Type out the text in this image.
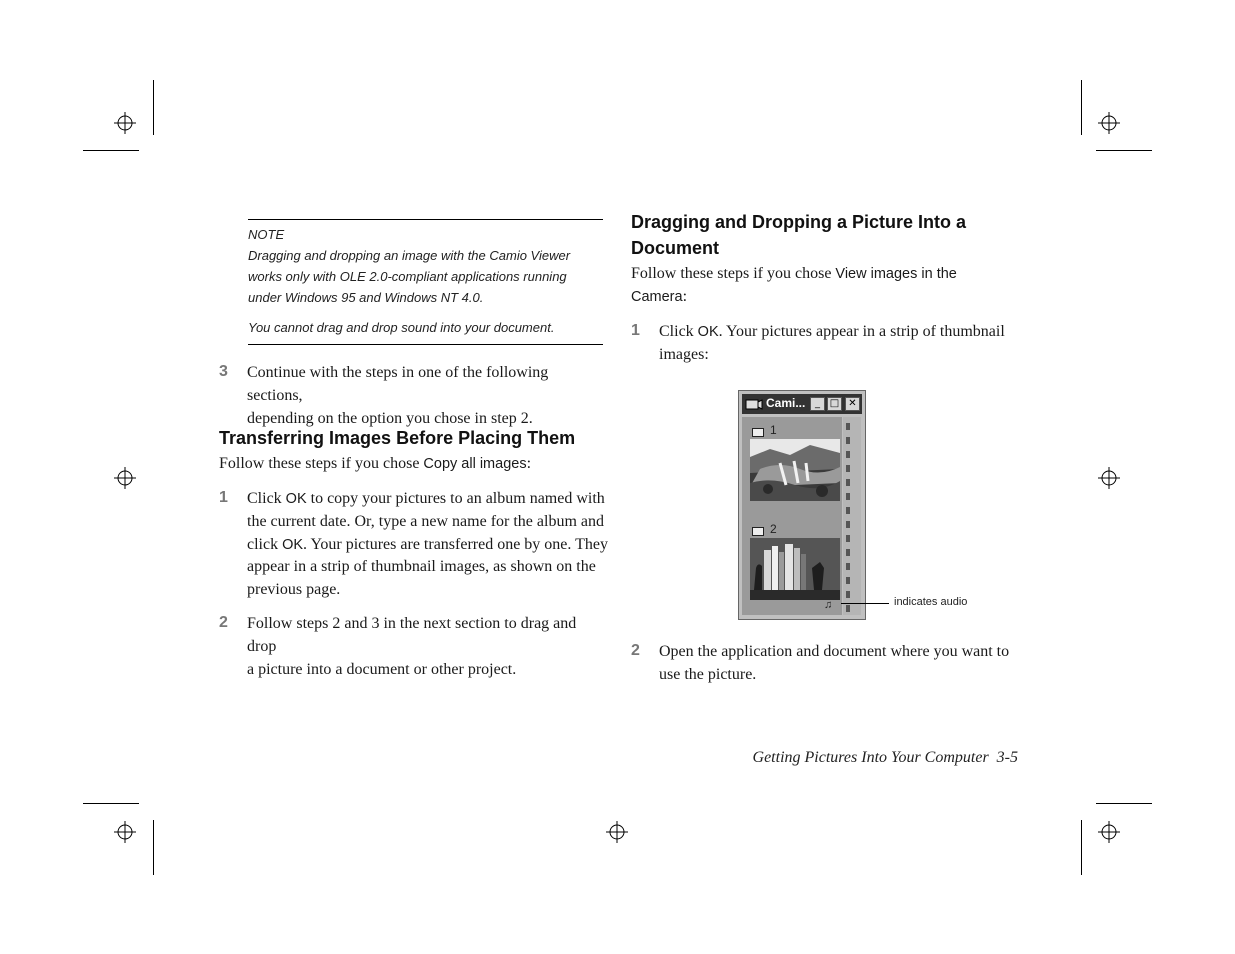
NOTE

Dragging and dropping an image with the Camio Viewer

works only with OLE 2.0-compliant applications running

under Windows 95 and Windows NT 4.0.

You cannot drag and drop sound into your document.

3 Continue with the steps in one of the following sections,
depending on the option you chose in step 2.
Transferring Images Before Placing Them
Follow these steps if you chose Copy all images:
1 Click OK to copy your pictures to an album named with
the current date. Or, type a new name for the album and
click OK. Your pictures are transferred one by one. They
appear in a strip of thumbnail images, as shown on the
previous page.
2 Follow steps 2 and 3 in the next section to drag and drop
a picture into a document or other project.
Dragging and Dropping a Picture Into a
Document
Follow these steps if you chose View images in the
Camera:
1 Click OK. Your pictures appear in a strip of thumbnail
images:
Cami... _ □ ✕
1
2
♫	indicates audio
2 Open the application and document where you want to
use the picture.
Getting Pictures Into Your Computer 3-5
